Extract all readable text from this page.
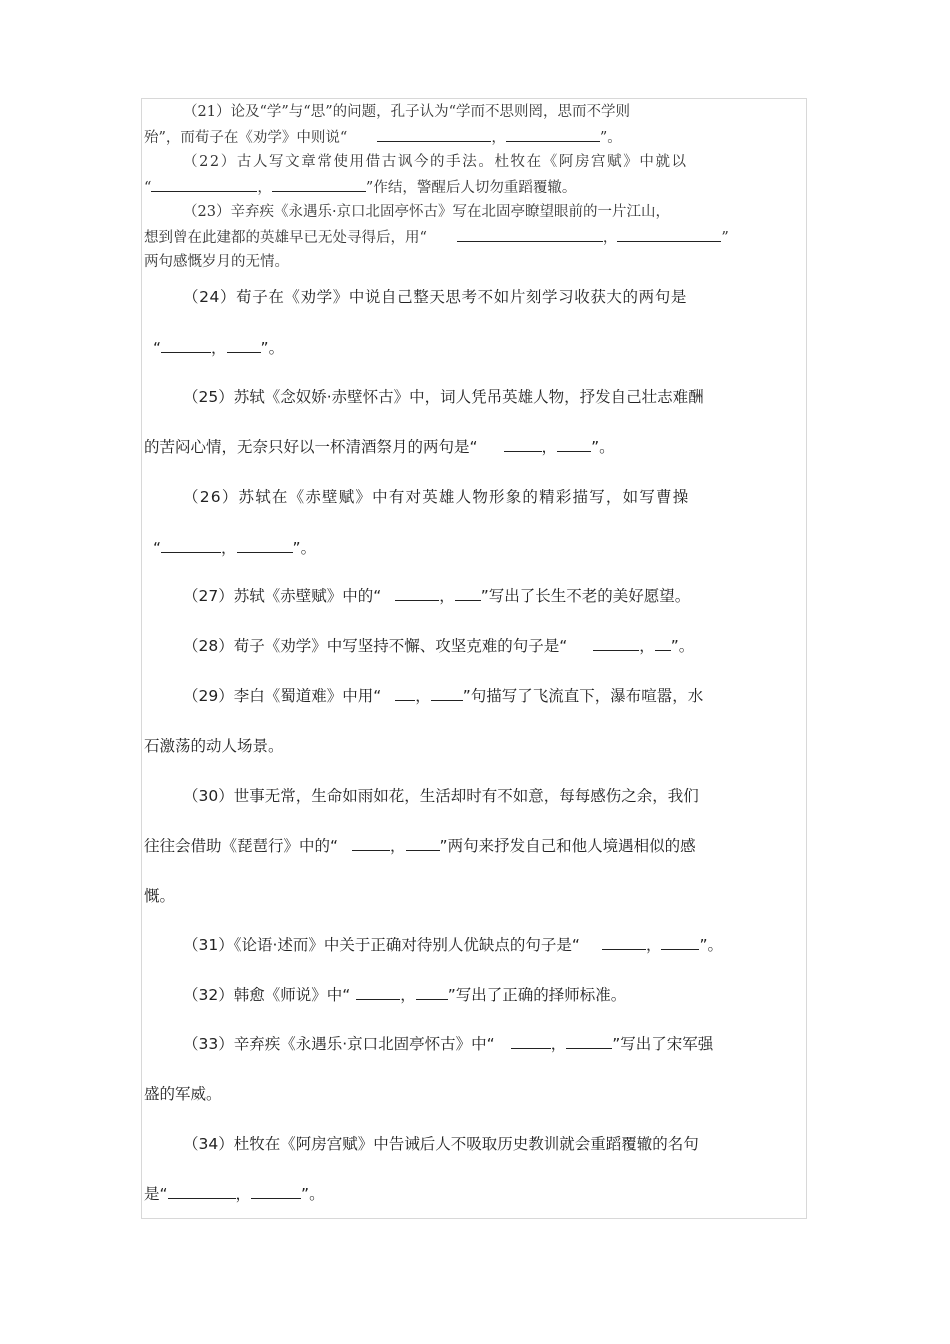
（21）论及“学”与“思”的问题，孔子认为“学而不思则罔，思而不学则
殆”，而荀子在《劝学》中则说“	，	”。
（22）古人写文章常使用借古讽今的手法。杜牧在《阿房宫赋》中就以
“	，	”作结，警醒后人切勿重蹈覆辙。
（23）辛弃疾《永遇乐·京口北固亭怀古》写在北固亭瞭望眼前的一片江山，
想到曾在此建都的英雄早已无处寻得后，用“	，	”
两句感慨岁月的无情。
（24）荀子在《劝学》中说自己整天思考不如片刻学习收获大的两句是
“	， ”。
（25）苏轼《念奴娇·赤壁怀古》中，词人凭吊英雄人物，抒发自己壮志难酬
的苦闷心情，无奈只好以一杯清酒祭月的两句是“	， ”。
（26）苏轼在《赤壁赋》中有对英雄人物形象的精彩描写，如写曹操
“	，	”。
（27）苏轼《赤壁赋》中的“	， ”写出了长生不老的美好愿望。
（28）荀子《劝学》中写坚持不懈、攻坚克难的句子是“	， ”。
（29）李白《蜀道难》中用“ ， ”句描写了飞流直下，瀑布喧嚣，水
石激荡的动人场景。
（30）世事无常，生命如雨如花，生活却时有不如意，每每感伤之余，我们
往往会借助《琵琶行》中的“	， ”两句来抒发自己和他人境遇相似的感
慨。
（31）《论语·述而》中关于正确对待别人优缺点的句子是“	， ”。
（32）韩愈《师说》中“	， ”写出了正确的择师标准。
（33）辛弃疾《永遇乐·京口北固亭怀古》中“	，	”写出了宋军强
盛的军威。
（34）杜牧在《阿房宫赋》中告诫后人不吸取历史教训就会重蹈覆辙的名句
是“	，	”。
